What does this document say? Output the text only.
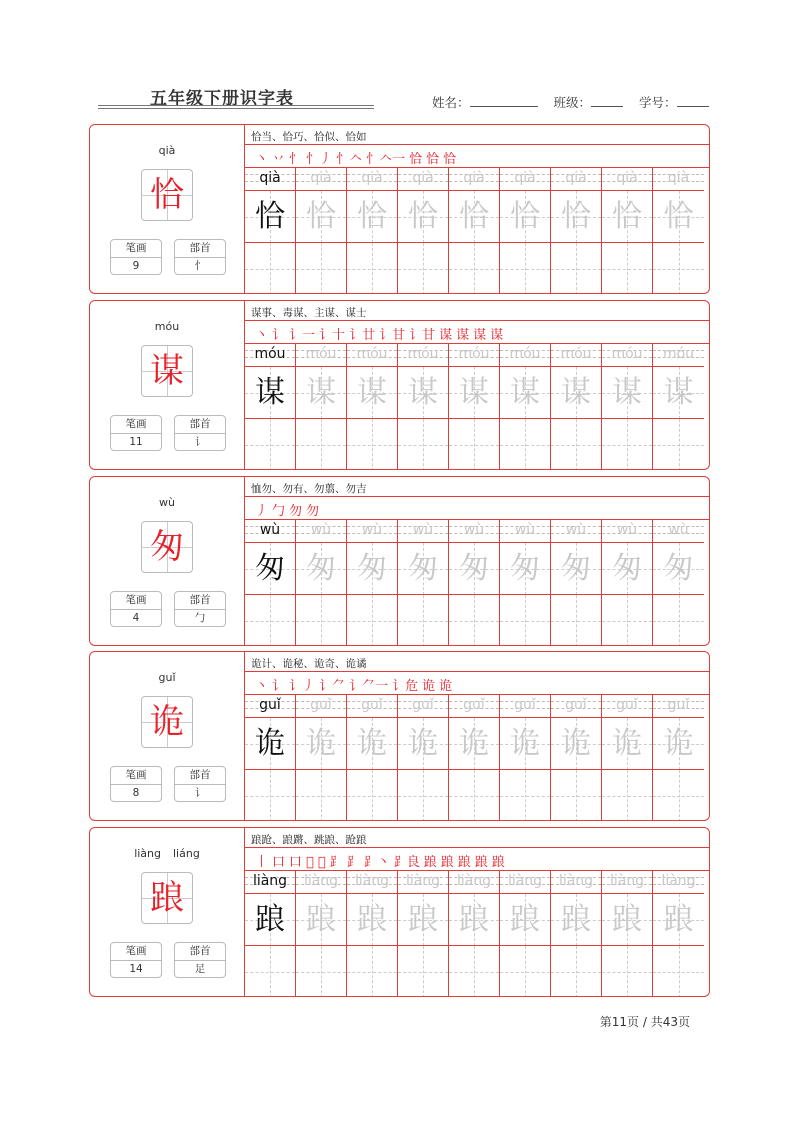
五年级下册识字表	姓名：	班级：	学号：
qià
恰
笔画
9
部首
忄
恰当、恰巧、恰似、恰如
丶 丷 忄 忄丿 忄𠆢 忄𠆢一 恰 恰 恰
qià
恰
qià
恰
qià
恰
qià
恰
qià
恰
qià
恰
qià
恰
qià
恰
qià
恰
móu
谋
笔画
11
部首
讠
谋事、毒谋、主谋、谋士
丶 讠 讠一 讠十 讠廿 讠甘 讠甘 谋 谋 谋 谋
móu
谋
móu
谋
móu
谋
móu
谋
móu
谋
móu
谋
móu
谋
móu
谋
móu
谋
wù
匆
笔画
4
部首
勹
恤勿、勿有、勿翦、勿吉
丿 勹 勿 勿
wù
匆
wù
匆
wù
匆
wù
匆
wù
匆
wù
匆
wù
匆
wù
匆
wù
匆
guǐ
诡
笔画
8
部首
讠
诡计、诡秘、诡奇、诡谲
丶 讠 讠丿 讠⺈ 讠⺈一 讠危 诡 诡
guǐ
诡
guǐ
诡
guǐ
诡
guǐ
诡
guǐ
诡
guǐ
诡
guǐ
诡
guǐ
诡
guǐ
诡
liàng liáng
踉
笔画
14
部首
足
踉跄、踉蹡、跳踉、跄踉
丨 口 口 𠯁 𠯁 ⻊ ⻊ ⻊丶 ⻊良 踉 踉 踉 踉 踉
liàng
踉
liàng
踉
liàng
踉
liàng
踉
liàng
踉
liàng
踉
liàng
踉
liàng
踉
liàng
踉
第11页 / 共43页
